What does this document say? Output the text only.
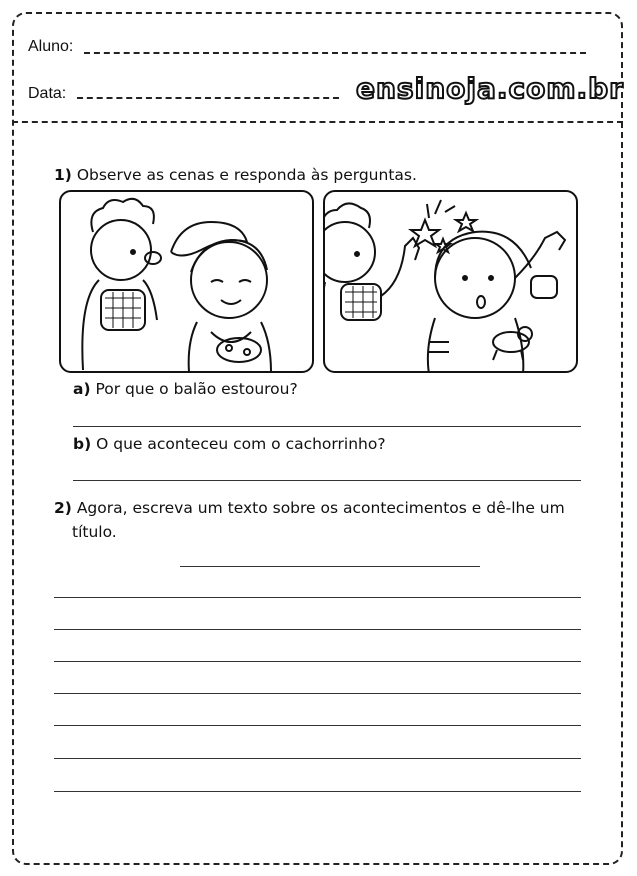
Aluno:
Data:	ensinoja.com.br
1) Observe as cenas e responda às perguntas.
a) Por que o balão estourou?
b) O que aconteceu com o cachorrinho?
2) Agora, escreva um texto sobre os acontecimentos e dê-lhe um
título.
